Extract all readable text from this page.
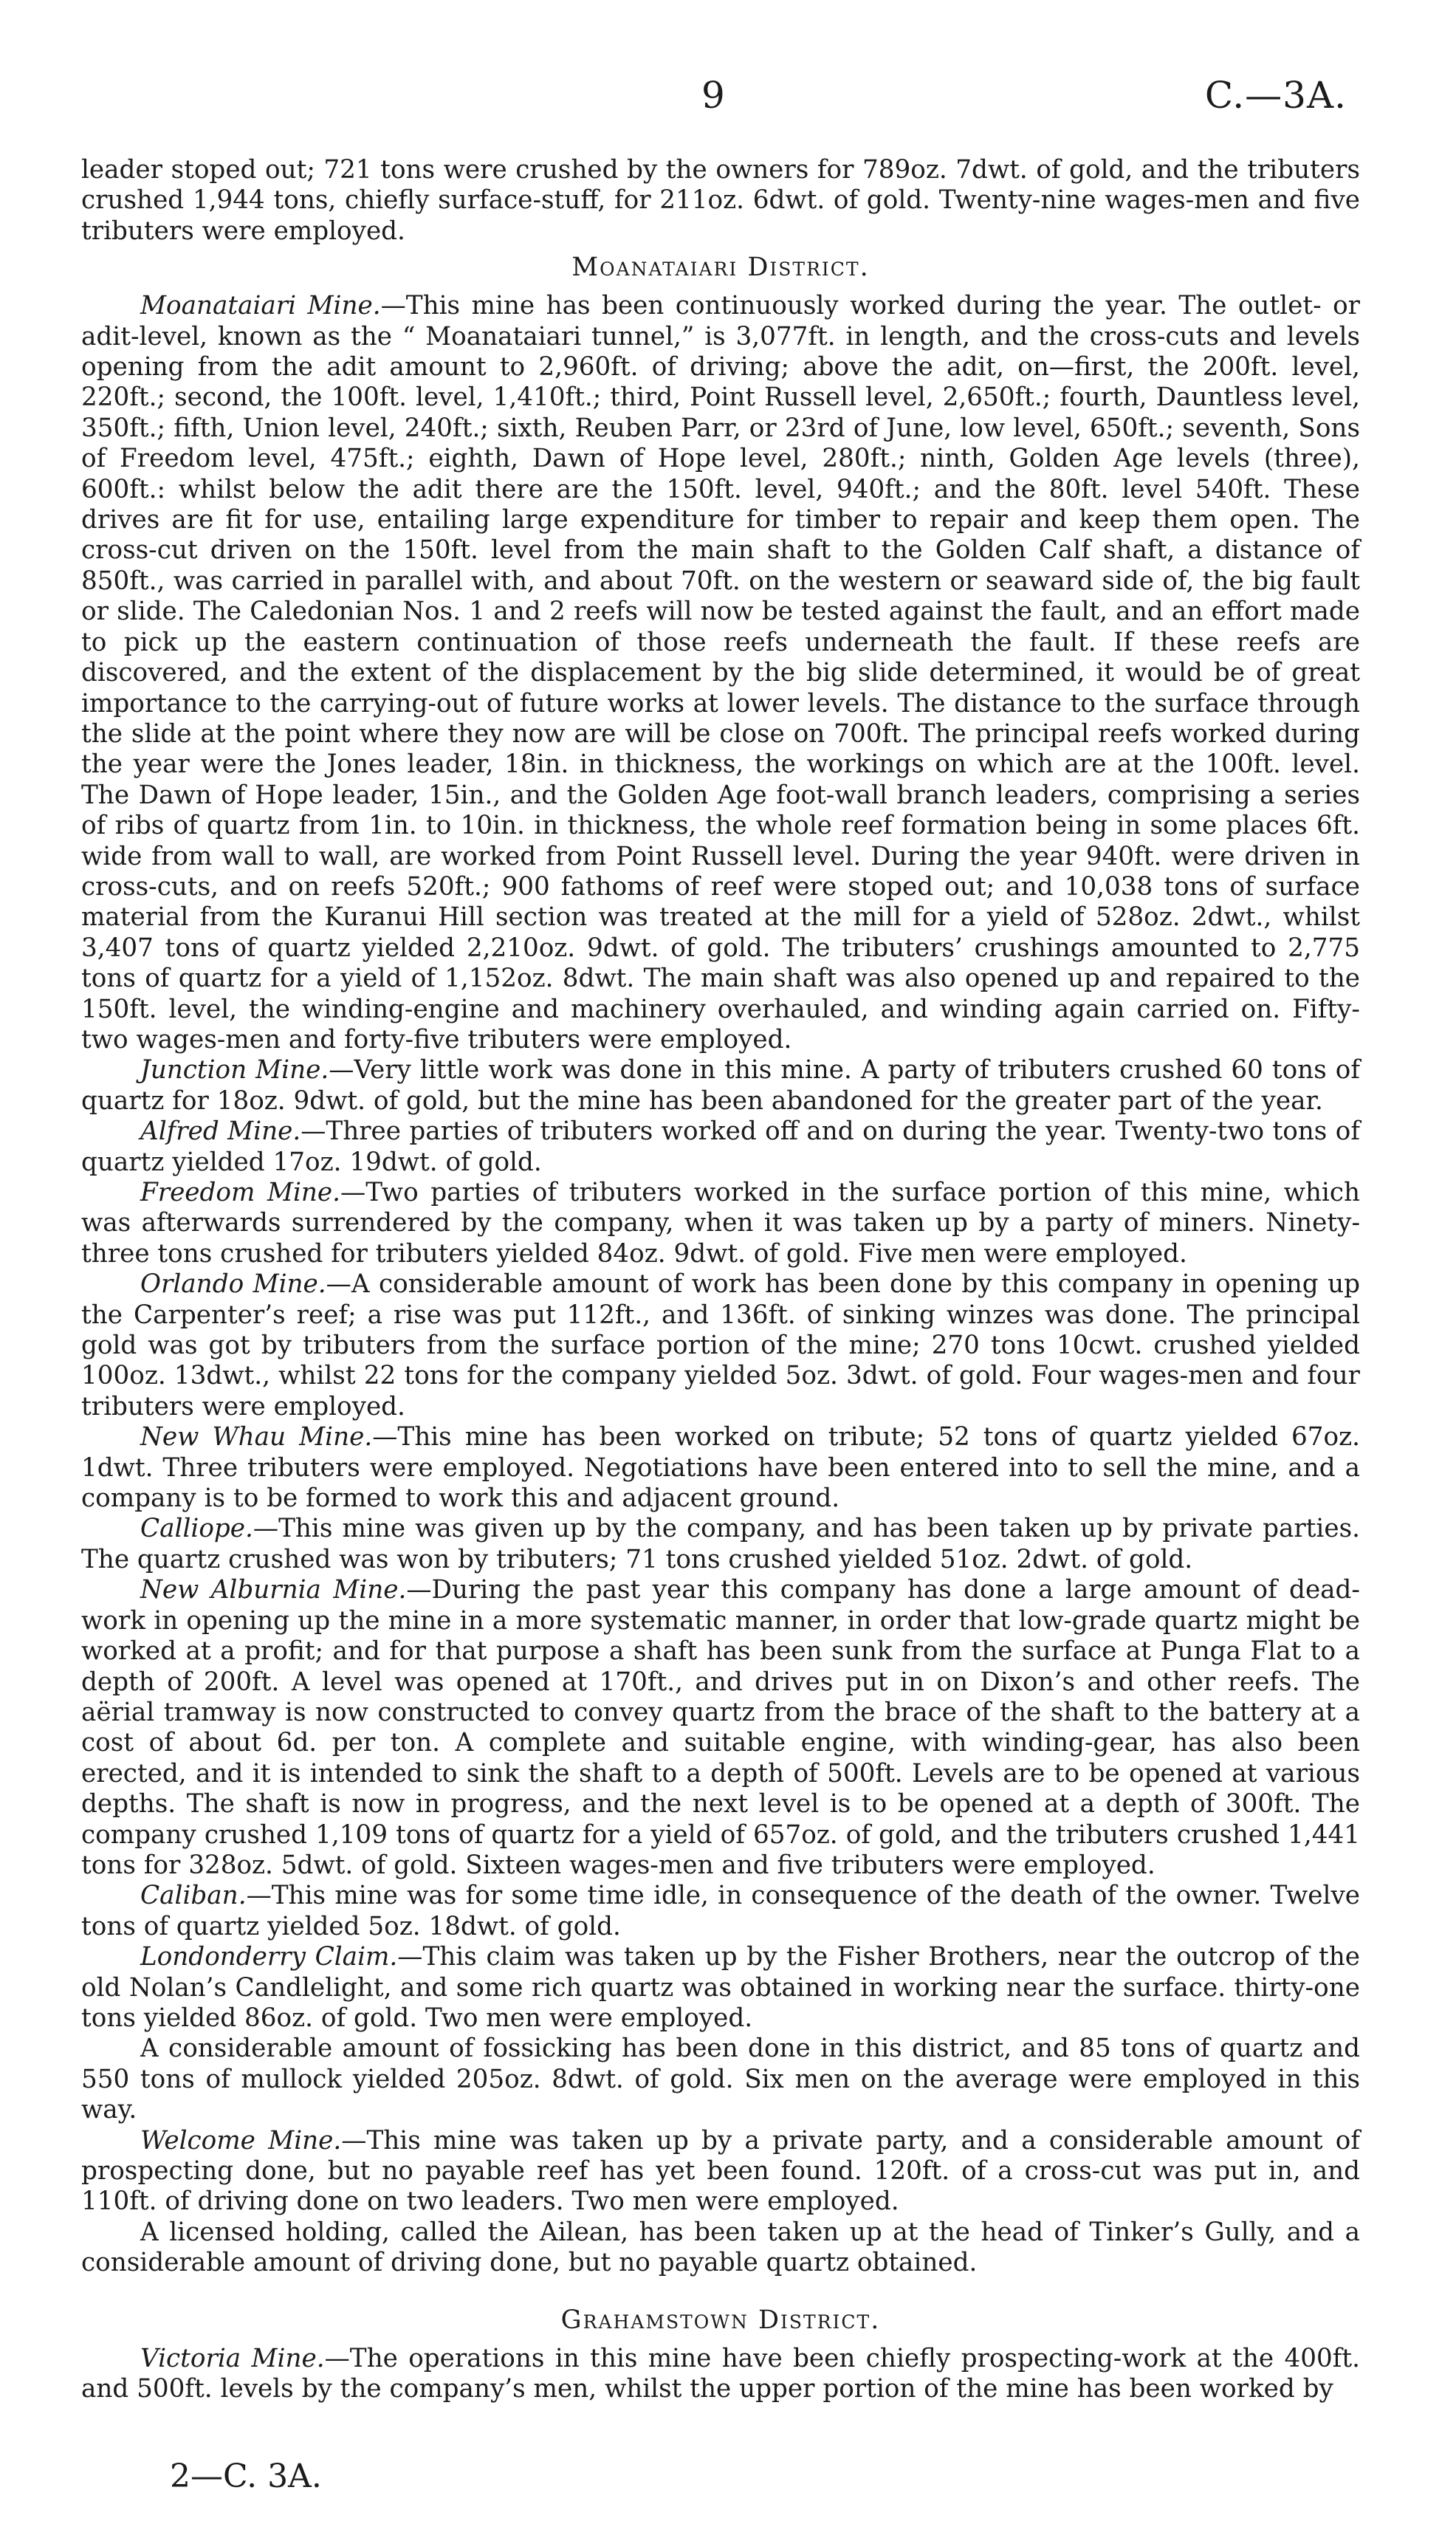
9	C.—3A.

leader stoped out; 721 tons were crushed by the owners for 789oz. 7dwt. of gold, and the tributers crushed 1,944 tons, chiefly surface-stuff, for 211oz. 6dwt. of gold. Twenty-nine wages-men and five tributers were employed.

Moanataiari District.

Moanataiari Mine.—This mine has been continuously worked during the year. The outlet- or adit-level, known as the “ Moanataiari tunnel,” is 3,077ft. in length, and the cross-cuts and levels opening from the adit amount to 2,960ft. of driving; above the adit, on—first, the 200ft. level, 220ft.; second, the 100ft. level, 1,410ft.; third, Point Russell level, 2,650ft.; fourth, Dauntless level, 350ft.; fifth, Union level, 240ft.; sixth, Reuben Parr, or 23rd of June, low level, 650ft.; seventh, Sons of Freedom level, 475ft.; eighth, Dawn of Hope level, 280ft.; ninth, Golden Age levels (three), 600ft.: whilst below the adit there are the 150ft. level, 940ft.; and the 80ft. level 540ft. These drives are fit for use, entailing large expenditure for timber to repair and keep them open. The cross-cut driven on the 150ft. level from the main shaft to the Golden Calf shaft, a distance of 850ft., was carried in parallel with, and about 70ft. on the western or seaward side of, the big fault or slide. The Caledonian Nos. 1 and 2 reefs will now be tested against the fault, and an effort made to pick up the eastern continuation of those reefs underneath the fault. If these reefs are discovered, and the extent of the displacement by the big slide determined, it would be of great importance to the carrying-out of future works at lower levels. The distance to the surface through the slide at the point where they now are will be close on 700ft. The principal reefs worked during the year were the Jones leader, 18in. in thickness, the workings on which are at the 100ft. level. The Dawn of Hope leader, 15in., and the Golden Age foot-wall branch leaders, comprising a series of ribs of quartz from 1in. to 10in. in thickness, the whole reef formation being in some places 6ft. wide from wall to wall, are worked from Point Russell level. During the year 940ft. were driven in cross-cuts, and on reefs 520ft.; 900 fathoms of reef were stoped out; and 10,038 tons of surface material from the Kuranui Hill section was treated at the mill for a yield of 528oz. 2dwt., whilst 3,407 tons of quartz yielded 2,210oz. 9dwt. of gold. The tributers’ crushings amounted to 2,775 tons of quartz for a yield of 1,152oz. 8dwt. The main shaft was also opened up and repaired to the 150ft. level, the winding-engine and machinery overhauled, and winding again carried on. Fifty-two wages-men and forty-five tributers were employed.

Junction Mine.—Very little work was done in this mine. A party of tributers crushed 60 tons of quartz for 18oz. 9dwt. of gold, but the mine has been abandoned for the greater part of the year.

Alfred Mine.—Three parties of tributers worked off and on during the year. Twenty-two tons of quartz yielded 17oz. 19dwt. of gold.

Freedom Mine.—Two parties of tributers worked in the surface portion of this mine, which was afterwards surrendered by the company, when it was taken up by a party of miners. Ninety-three tons crushed for tributers yielded 84oz. 9dwt. of gold. Five men were employed.

Orlando Mine.—A considerable amount of work has been done by this company in opening up the Carpenter’s reef; a rise was put 112ft., and 136ft. of sinking winzes was done. The principal gold was got by tributers from the surface portion of the mine; 270 tons 10cwt. crushed yielded 100oz. 13dwt., whilst 22 tons for the company yielded 5oz. 3dwt. of gold. Four wages-men and four tributers were employed.

New Whau Mine.—This mine has been worked on tribute; 52 tons of quartz yielded 67oz. 1dwt. Three tributers were employed. Negotiations have been entered into to sell the mine, and a company is to be formed to work this and adjacent ground.

Calliope.—This mine was given up by the company, and has been taken up by private parties. The quartz crushed was won by tributers; 71 tons crushed yielded 51oz. 2dwt. of gold.

New Alburnia Mine.—During the past year this company has done a large amount of dead-work in opening up the mine in a more systematic manner, in order that low-grade quartz might be worked at a profit; and for that purpose a shaft has been sunk from the surface at Punga Flat to a depth of 200ft. A level was opened at 170ft., and drives put in on Dixon’s and other reefs. The aërial tramway is now constructed to convey quartz from the brace of the shaft to the battery at a cost of about 6d. per ton. A complete and suitable engine, with winding-gear, has also been erected, and it is intended to sink the shaft to a depth of 500ft. Levels are to be opened at various depths. The shaft is now in progress, and the next level is to be opened at a depth of 300ft. The company crushed 1,109 tons of quartz for a yield of 657oz. of gold, and the tributers crushed 1,441 tons for 328oz. 5dwt. of gold. Sixteen wages-men and five tributers were employed.

Caliban.—This mine was for some time idle, in consequence of the death of the owner. Twelve tons of quartz yielded 5oz. 18dwt. of gold.

Londonderry Claim.—This claim was taken up by the Fisher Brothers, near the outcrop of the old Nolan’s Candlelight, and some rich quartz was obtained in working near the surface. thirty-one tons yielded 86oz. of gold. Two men were employed.

A considerable amount of fossicking has been done in this district, and 85 tons of quartz and 550 tons of mullock yielded 205oz. 8dwt. of gold. Six men on the average were employed in this way.

Welcome Mine.—This mine was taken up by a private party, and a considerable amount of prospecting done, but no payable reef has yet been found. 120ft. of a cross-cut was put in, and 110ft. of driving done on two leaders. Two men were employed.

A licensed holding, called the Ailean, has been taken up at the head of Tinker’s Gully, and a considerable amount of driving done, but no payable quartz obtained.

Grahamstown District.

Victoria Mine.—The operations in this mine have been chiefly prospecting-work at the 400ft. and 500ft. levels by the company’s men, whilst the upper portion of the mine has been worked by

2—C. 3A.
